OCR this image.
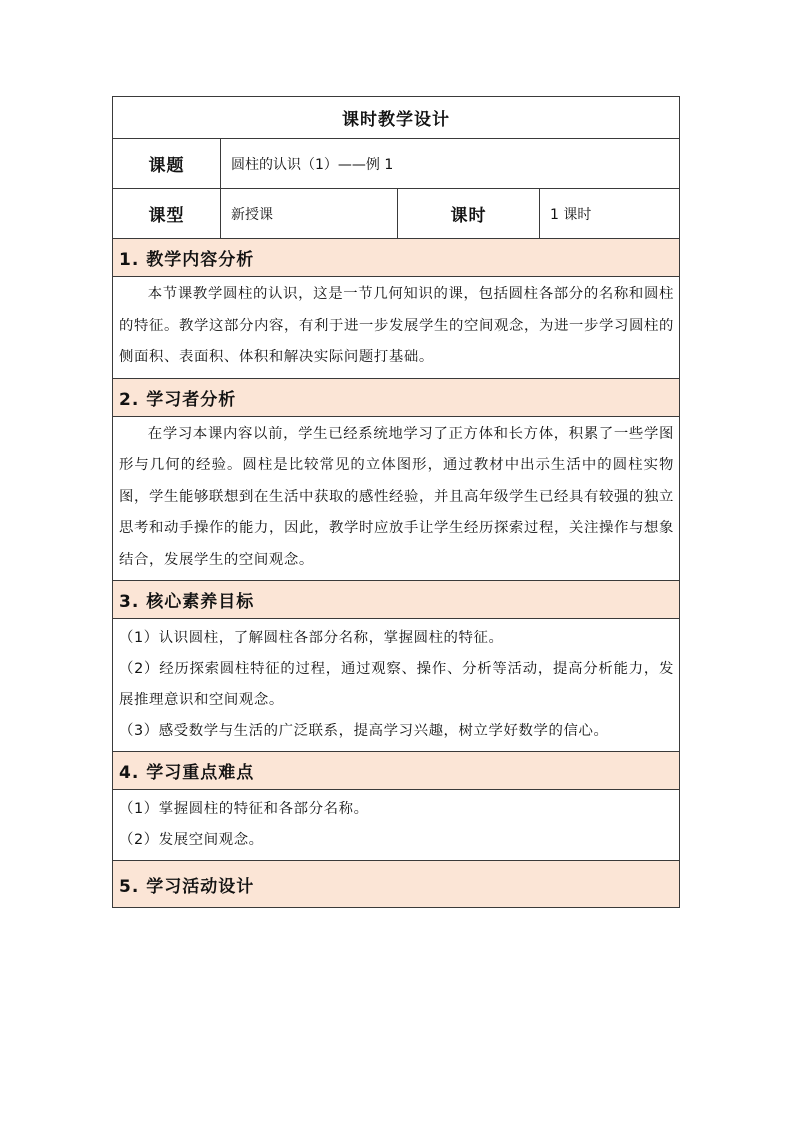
课时教学设计
课题	圆柱的认识（1）——例 1
课型	新授课	课时	1 课时
1. 教学内容分析
本节课教学圆柱的认识，这是一节几何知识的课，包括圆柱各部分的名称和圆柱的特征。教学这部分内容，有利于进一步发展学生的空间观念，为进一步学习圆柱的侧面积、表面积、体积和解决实际问题打基础。
2. 学习者分析
在学习本课内容以前，学生已经系统地学习了正方体和长方体，积累了一些学图形与几何的经验。圆柱是比较常见的立体图形，通过教材中出示生活中的圆柱实物图，学生能够联想到在生活中获取的感性经验，并且高年级学生已经具有较强的独立思考和动手操作的能力，因此，教学时应放手让学生经历探索过程，关注操作与想象结合，发展学生的空间观念。
3. 核心素养目标
（1）认识圆柱，了解圆柱各部分名称，掌握圆柱的特征。
（2）经历探索圆柱特征的过程，通过观察、操作、分析等活动，提高分析能力，发展推理意识和空间观念。
（3）感受数学与生活的广泛联系，提高学习兴趣，树立学好数学的信心。
4. 学习重点难点
（1）掌握圆柱的特征和各部分名称。
（2）发展空间观念。
5. 学习活动设计
